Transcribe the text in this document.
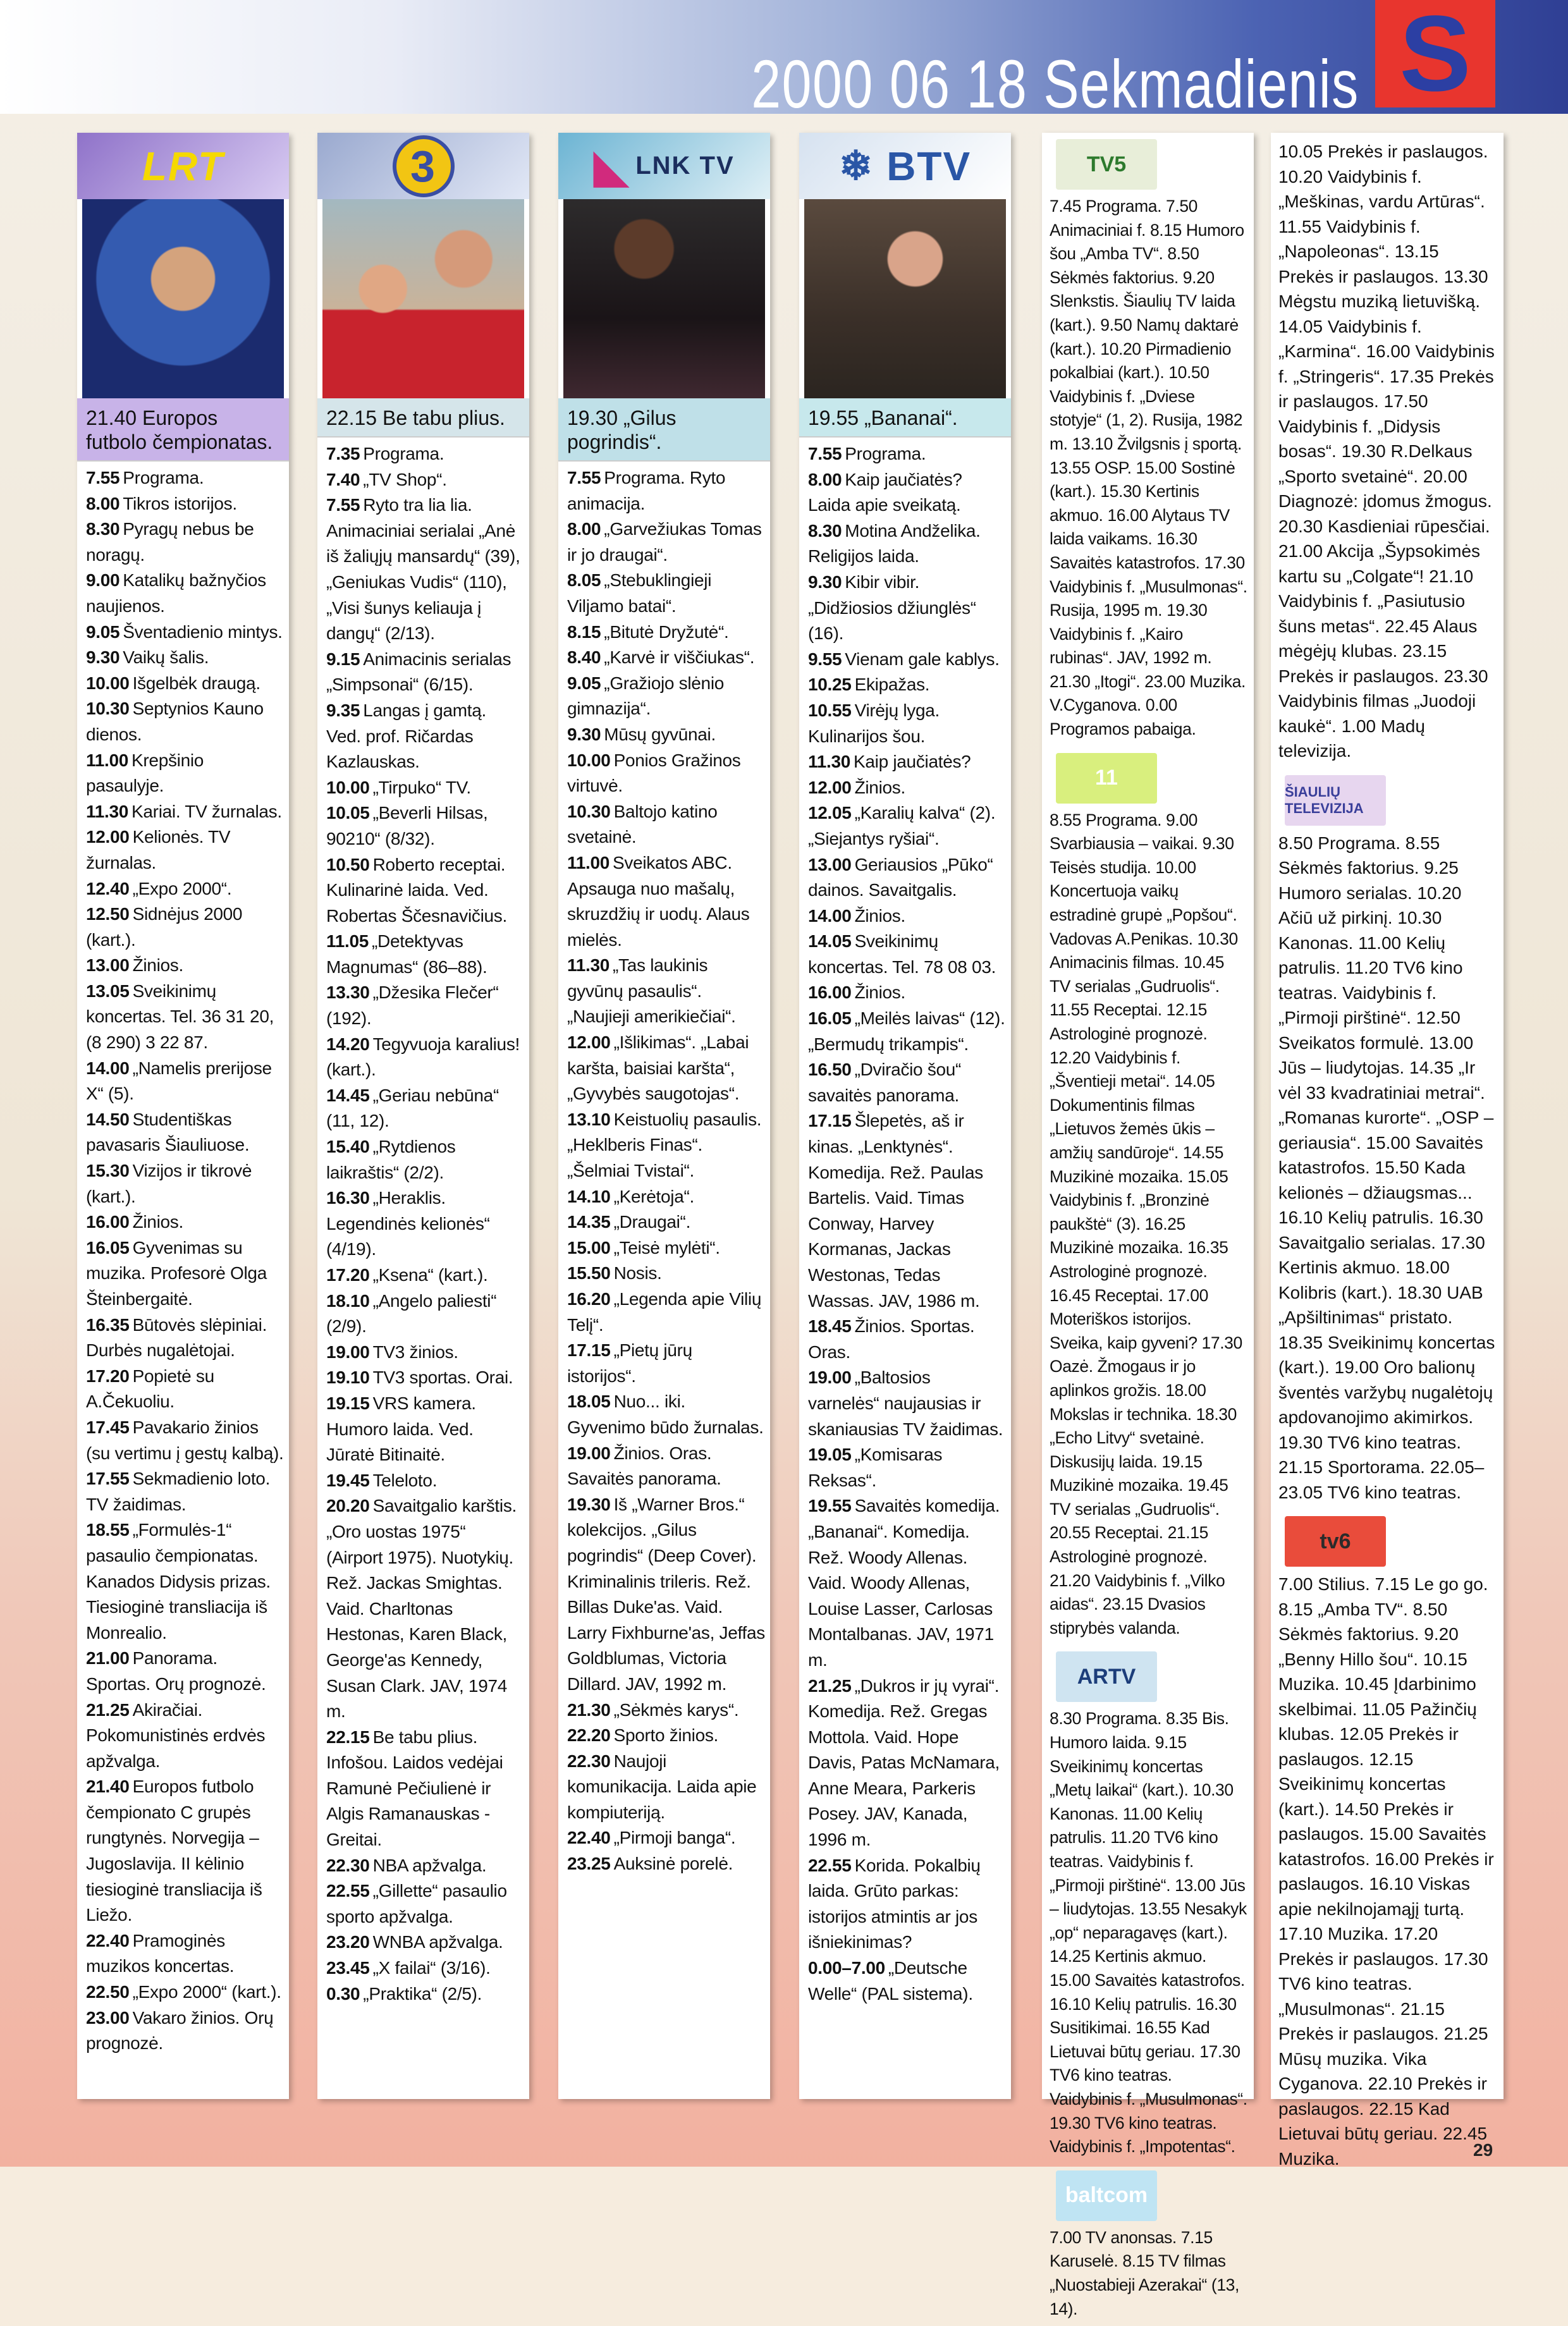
2000 06 18 Sekmadienis S
LRT
21.40 Europos futbolo čempionatas.
7.55 Programa.
8.00 Tikros istorijos.
8.30 Pyragų nebus be noragų.
9.00 Katalikų bažnyčios naujienos.
9.05 Šventadienio mintys.
9.30 Vaikų šalis.
10.00 Išgelbėk draugą.
10.30 Septynios Kauno dienos.
11.00 Krepšinio pasaulyje.
11.30 Kariai. TV žurnalas.
12.00 Kelionės. TV žurnalas.
12.40 „Expo 2000“.
12.50 Sidnėjus 2000 (kart.).
13.00 Žinios.
13.05 Sveikinimų koncertas. Tel. 36 31 20, (8 290) 3 22 87.
14.00 „Namelis prerijose X“ (5).
14.50 Studentiškas pavasaris Šiauliuose.
15.30 Vizijos ir tikrovė (kart.).
16.00 Žinios.
16.05 Gyvenimas su muzika. Profesorė Olga Šteinbergaitė.
16.35 Būtovės slėpiniai. Durbės nugalėtojai.
17.20 Popietė su A.Čekuoliu.
17.45 Pavakario žinios (su vertimu į gestų kalbą).
17.55 Sekmadienio loto. TV žaidimas.
18.55 „Formulės-1“ pasaulio čempionatas. Kanados Didysis prizas. Tiesioginė transliacija iš Monrealio.
21.00 Panorama. Sportas. Orų prognozė.
21.25 Akiračiai. Pokomunistinės erdvės apžvalga.
21.40 Europos futbolo čempionato C grupės rungtynės. Norvegija – Jugoslavija. II kėlinio tiesioginė transliacija iš Liežo.
22.40 Pramoginės muzikos koncertas.
22.50 „Expo 2000“ (kart.).
23.00 Vakaro žinios. Orų prognozė.
3
22.15 Be tabu plius.
7.35 Programa.
7.40 „TV Shop“.
7.55 Ryto tra lia lia. Animaciniai serialai „Anė iš žaliųjų mansardų“ (39), „Geniukas Vudis“ (110), „Visi šunys keliauja į dangų“ (2/13).
9.15 Animacinis serialas „Simpsonai“ (6/15).
9.35 Langas į gamtą. Ved. prof. Ričardas Kazlauskas.
10.00 „Tirpuko“ TV.
10.05 „Beverli Hilsas, 90210“ (8/32).
10.50 Roberto receptai. Kulinarinė laida. Ved. Robertas Ščesnavičius.
11.05 „Detektyvas Magnumas“ (86–88).
13.30 „Džesika Flečer“ (192).
14.20 Tegyvuoja karalius! (kart.).
14.45 „Geriau nebūna“ (11, 12).
15.40 „Rytdienos laikraštis“ (2/2).
16.30 „Heraklis. Legendinės kelionės“ (4/19).
17.20 „Ksena“ (kart.).
18.10 „Angelo paliesti“ (2/9).
19.00 TV3 žinios.
19.10 TV3 sportas. Orai.
19.15 VRS kamera. Humoro laida. Ved. Jūratė Bitinaitė.
19.45 Teleloto.
20.20 Savaitgalio karštis. „Oro uostas 1975“ (Airport 1975). Nuotykių. Rež. Jackas Smightas. Vaid. Charltonas Hestonas, Karen Black, George'as Kennedy, Susan Clark. JAV, 1974 m.
22.15 Be tabu plius. Infošou. Laidos vedėjai Ramunė Pečiulienė ir Algis Ramanauskas - Greitai.
22.30 NBA apžvalga.
22.55 „Gillette“ pasaulio sporto apžvalga.
23.20 WNBA apžvalga.
23.45 „X failai“ (3/16).
0.30 „Praktika“ (2/5).
◣ LNK TV
19.30 „Gilus pogrindis“.
7.55 Programa. Ryto animacija.
8.00 „Garvežiukas Tomas ir jo draugai“.
8.05 „Stebuklingieji Viljamo batai“.
8.15 „Bitutė Dryžutė“.
8.40 „Karvė ir viščiukas“.
9.05 „Gražiojo slėnio gimnazija“.
9.30 Mūsų gyvūnai.
10.00 Ponios Gražinos virtuvė.
10.30 Baltojo katino svetainė.
11.00 Sveikatos ABC. Apsauga nuo mašalų, skruzdžių ir uodų. Alaus mielės.
11.30 „Tas laukinis gyvūnų pasaulis“. „Naujieji amerikiečiai“.
12.00 „Išlikimas“. „Labai karšta, baisiai karšta“, „Gyvybės saugotojas“.
13.10 Keistuolių pasaulis. „Heklberis Finas“. „Šelmiai Tvistai“.
14.10 „Kerėtoja“.
14.35 „Draugai“.
15.00 „Teisė mylėti“.
15.50 Nosis.
16.20 „Legenda apie Vilių Telį“.
17.15 „Pietų jūrų istorijos“.
18.05 Nuo... iki. Gyvenimo būdo žurnalas.
19.00 Žinios. Oras. Savaitės panorama.
19.30 Iš „Warner Bros.“ kolekcijos. „Gilus pogrindis“ (Deep Cover). Kriminalinis trileris. Rež. Billas Duke'as. Vaid. Larry Fixhburne'as, Jeffas Goldblumas, Victoria Dillard. JAV, 1992 m.
21.30 „Sėkmės karys“.
22.20 Sporto žinios.
22.30 Naujoji komunikacija. Laida apie kompiuteriją.
22.40 „Pirmoji banga“.
23.25 Auksinė porelė.
❄ BTV
19.55 „Bananai“.
7.55 Programa.
8.00 Kaip jaučiatės? Laida apie sveikatą.
8.30 Motina Andželika. Religijos laida.
9.30 Kibir vibir. „Didžiosios džiunglės“ (16).
9.55 Vienam gale kablys.
10.25 Ekipažas.
10.55 Virėjų lyga. Kulinarijos šou.
11.30 Kaip jaučiatės?
12.00 Žinios.
12.05 „Karalių kalva“ (2). „Siejantys ryšiai“.
13.00 Geriausios „Pūko“ dainos. Savaitgalis.
14.00 Žinios.
14.05 Sveikinimų koncertas. Tel. 78 08 03.
16.00 Žinios.
16.05 „Meilės laivas“ (12). „Bermudų trikampis“.
16.50 „Dviračio šou“ savaitės panorama.
17.15 Šlepetės, aš ir kinas. „Lenktynės“. Komedija. Rež. Paulas Bartelis. Vaid. Timas Conway, Harvey Kormanas, Jackas Westonas, Tedas Wassas. JAV, 1986 m.
18.45 Žinios. Sportas. Oras.
19.00 „Baltosios varnelės“ naujausias ir skaniausias TV žaidimas.
19.05 „Komisaras Reksas“.
19.55 Savaitės komedija. „Bananai“. Komedija. Rež. Woody Allenas. Vaid. Woody Allenas, Louise Lasser, Carlosas Montalbanas. JAV, 1971 m.
21.25 „Dukros ir jų vyrai“. Komedija. Rež. Gregas Mottola. Vaid. Hope Davis, Patas McNamara, Anne Meara, Parkeris Posey. JAV, Kanada, 1996 m.
22.55 Korida. Pokalbių laida. Grūto parkas: istorijos atmintis ar jos išniekinimas?
0.00–7.00 „Deutsche Welle“ (PAL sistema).
TV5

7.45 Programa. 7.50 Animaciniai f. 8.15 Humoro šou „Amba TV“. 8.50 Sėkmės faktorius. 9.20 Slenkstis. Šiaulių TV laida (kart.). 9.50 Namų daktarė (kart.). 10.20 Pirmadienio pokalbiai (kart.). 10.50 Vaidybinis f. „Dviese stotyje“ (1, 2). Rusija, 1982 m. 13.10 Žvilgsnis į sportą. 13.55 OSP. 15.00 Sostinė (kart.). 15.30 Kertinis akmuo. 16.00 Alytaus TV laida vaikams. 16.30 Savaitės katastrofos. 17.30 Vaidybinis f. „Musulmonas“. Rusija, 1995 m. 19.30 Vaidybinis f. „Kairo rubinas“. JAV, 1992 m. 21.30 „Itogi“. 23.00 Muzika. V.Cyganova. 0.00 Programos pabaiga.

11

8.55 Programa. 9.00 Svarbiausia – vaikai. 9.30 Teisės studija. 10.00 Koncertuoja vaikų estradinė grupė „Popšou“. Vadovas A.Penikas. 10.30 Animacinis filmas. 10.45 TV serialas „Gudruolis“. 11.55 Receptai. 12.15 Astrologinė prognozė. 12.20 Vaidybinis f. „Šventieji metai“. 14.05 Dokumentinis filmas „Lietuvos žemės ūkis – amžių sandūroje“. 14.55 Muzikinė mozaika. 15.05 Vaidybinis f. „Bronzinė paukštė“ (3). 16.25 Muzikinė mozaika. 16.35 Astrologinė prognozė. 16.45 Receptai. 17.00 Moteriškos istorijos. Sveika, kaip gyveni? 17.30 Oazė. Žmogaus ir jo aplinkos grožis. 18.00 Mokslas ir technika. 18.30 „Echo Litvy“ svetainė. Diskusijų laida. 19.15 Muzikinė mozaika. 19.45 TV serialas „Gudruolis“. 20.55 Receptai. 21.15 Astrologinė prognozė. 21.20 Vaidybinis f. „Vilko aidas“. 23.15 Dvasios stiprybės valanda.

ARTV

8.30 Programa. 8.35 Bis. Humoro laida. 9.15 Sveikinimų koncertas „Metų laikai“ (kart.). 10.30 Kanonas. 11.00 Kelių patrulis. 11.20 TV6 kino teatras. Vaidybinis f. „Pirmoji pirštinė“. 13.00 Jūs – liudytojas. 13.55 Nesakyk „op“ neparagavęs (kart.). 14.25 Kertinis akmuo. 15.00 Savaitės katastrofos. 16.10 Kelių patrulis. 16.30 Susitikimai. 16.55 Kad Lietuvai būtų geriau. 17.30 TV6 kino teatras. Vaidybinis f. „Musulmonas“. 19.30 TV6 kino teatras. Vaidybinis f. „Impotentas“.

baltcom

7.00 TV anonsas. 7.15 Karuselė. 8.15 TV filmas „Nuostabieji Azerakai“ (13, 14).

10.05 Prekės ir paslaugos. 10.20 Vaidybinis f. „Meškinas, vardu Artūras“. 11.55 Vaidybinis f. „Napoleonas“. 13.15 Prekės ir paslaugos. 13.30 Mėgstu muziką lietuvišką. 14.05 Vaidybinis f. „Karmina“. 16.00 Vaidybinis f. „Stringeris“. 17.35 Prekės ir paslaugos. 17.50 Vaidybinis f. „Didysis bosas“. 19.30 R.Delkaus „Sporto svetainė“. 20.00 Diagnozė: įdomus žmogus. 20.30 Kasdieniai rūpesčiai. 21.00 Akcija „Šypsokimės kartu su „Colgate“! 21.10 Vaidybinis f. „Pasiutusio šuns metas“. 22.45 Alaus mėgėjų klubas. 23.15 Prekės ir paslaugos. 23.30 Vaidybinis filmas „Juodoji kaukė“. 1.00 Madų televizija.

ŠIAULIŲ TELEVIZIJA

8.50 Programa. 8.55 Sėkmės faktorius. 9.25 Humoro serialas. 10.20 Ačiū už pirkinį. 10.30 Kanonas. 11.00 Kelių patrulis. 11.20 TV6 kino teatras. Vaidybinis f. „Pirmoji pirštinė“. 12.50 Sveikatos formulė. 13.00 Jūs – liudytojas. 14.35 „Ir vėl 33 kvadratiniai metrai“. „Romanas kurorte“. „OSP – geriausia“. 15.00 Savaitės katastrofos. 15.50 Kada kelionės – džiaugsmas... 16.10 Kelių patrulis. 16.30 Savaitgalio serialas. 17.30 Kertinis akmuo. 18.00 Kolibris (kart.). 18.30 UAB „Apšiltinimas“ pristato. 18.35 Sveikinimų koncertas (kart.). 19.00 Oro balionų šventės varžybų nugalėtojų apdovanojimo akimirkos. 19.30 TV6 kino teatras. 21.15 Sportorama. 22.05–23.05 TV6 kino teatras.

tv6

7.00 Stilius. 7.15 Le go go. 8.15 „Amba TV“. 8.50 Sėkmės faktorius. 9.20 „Benny Hillo šou“. 10.15 Muzika. 10.45 Įdarbinimo skelbimai. 11.05 Pažinčių klubas. 12.05 Prekės ir paslaugos. 12.15 Sveikinimų koncertas (kart.). 14.50 Prekės ir paslaugos. 15.00 Savaitės katastrofos. 16.00 Prekės ir paslaugos. 16.10 Viskas apie nekilnojamąjį turtą. 17.10 Muzika. 17.20 Prekės ir paslaugos. 17.30 TV6 kino teatras. „Musulmonas“. 21.15 Prekės ir paslaugos. 21.25 Mūsų muzika. Vika Cyganova. 22.10 Prekės ir paslaugos. 22.15 Kad Lietuvai būtų geriau. 22.45 Muzika.	29
